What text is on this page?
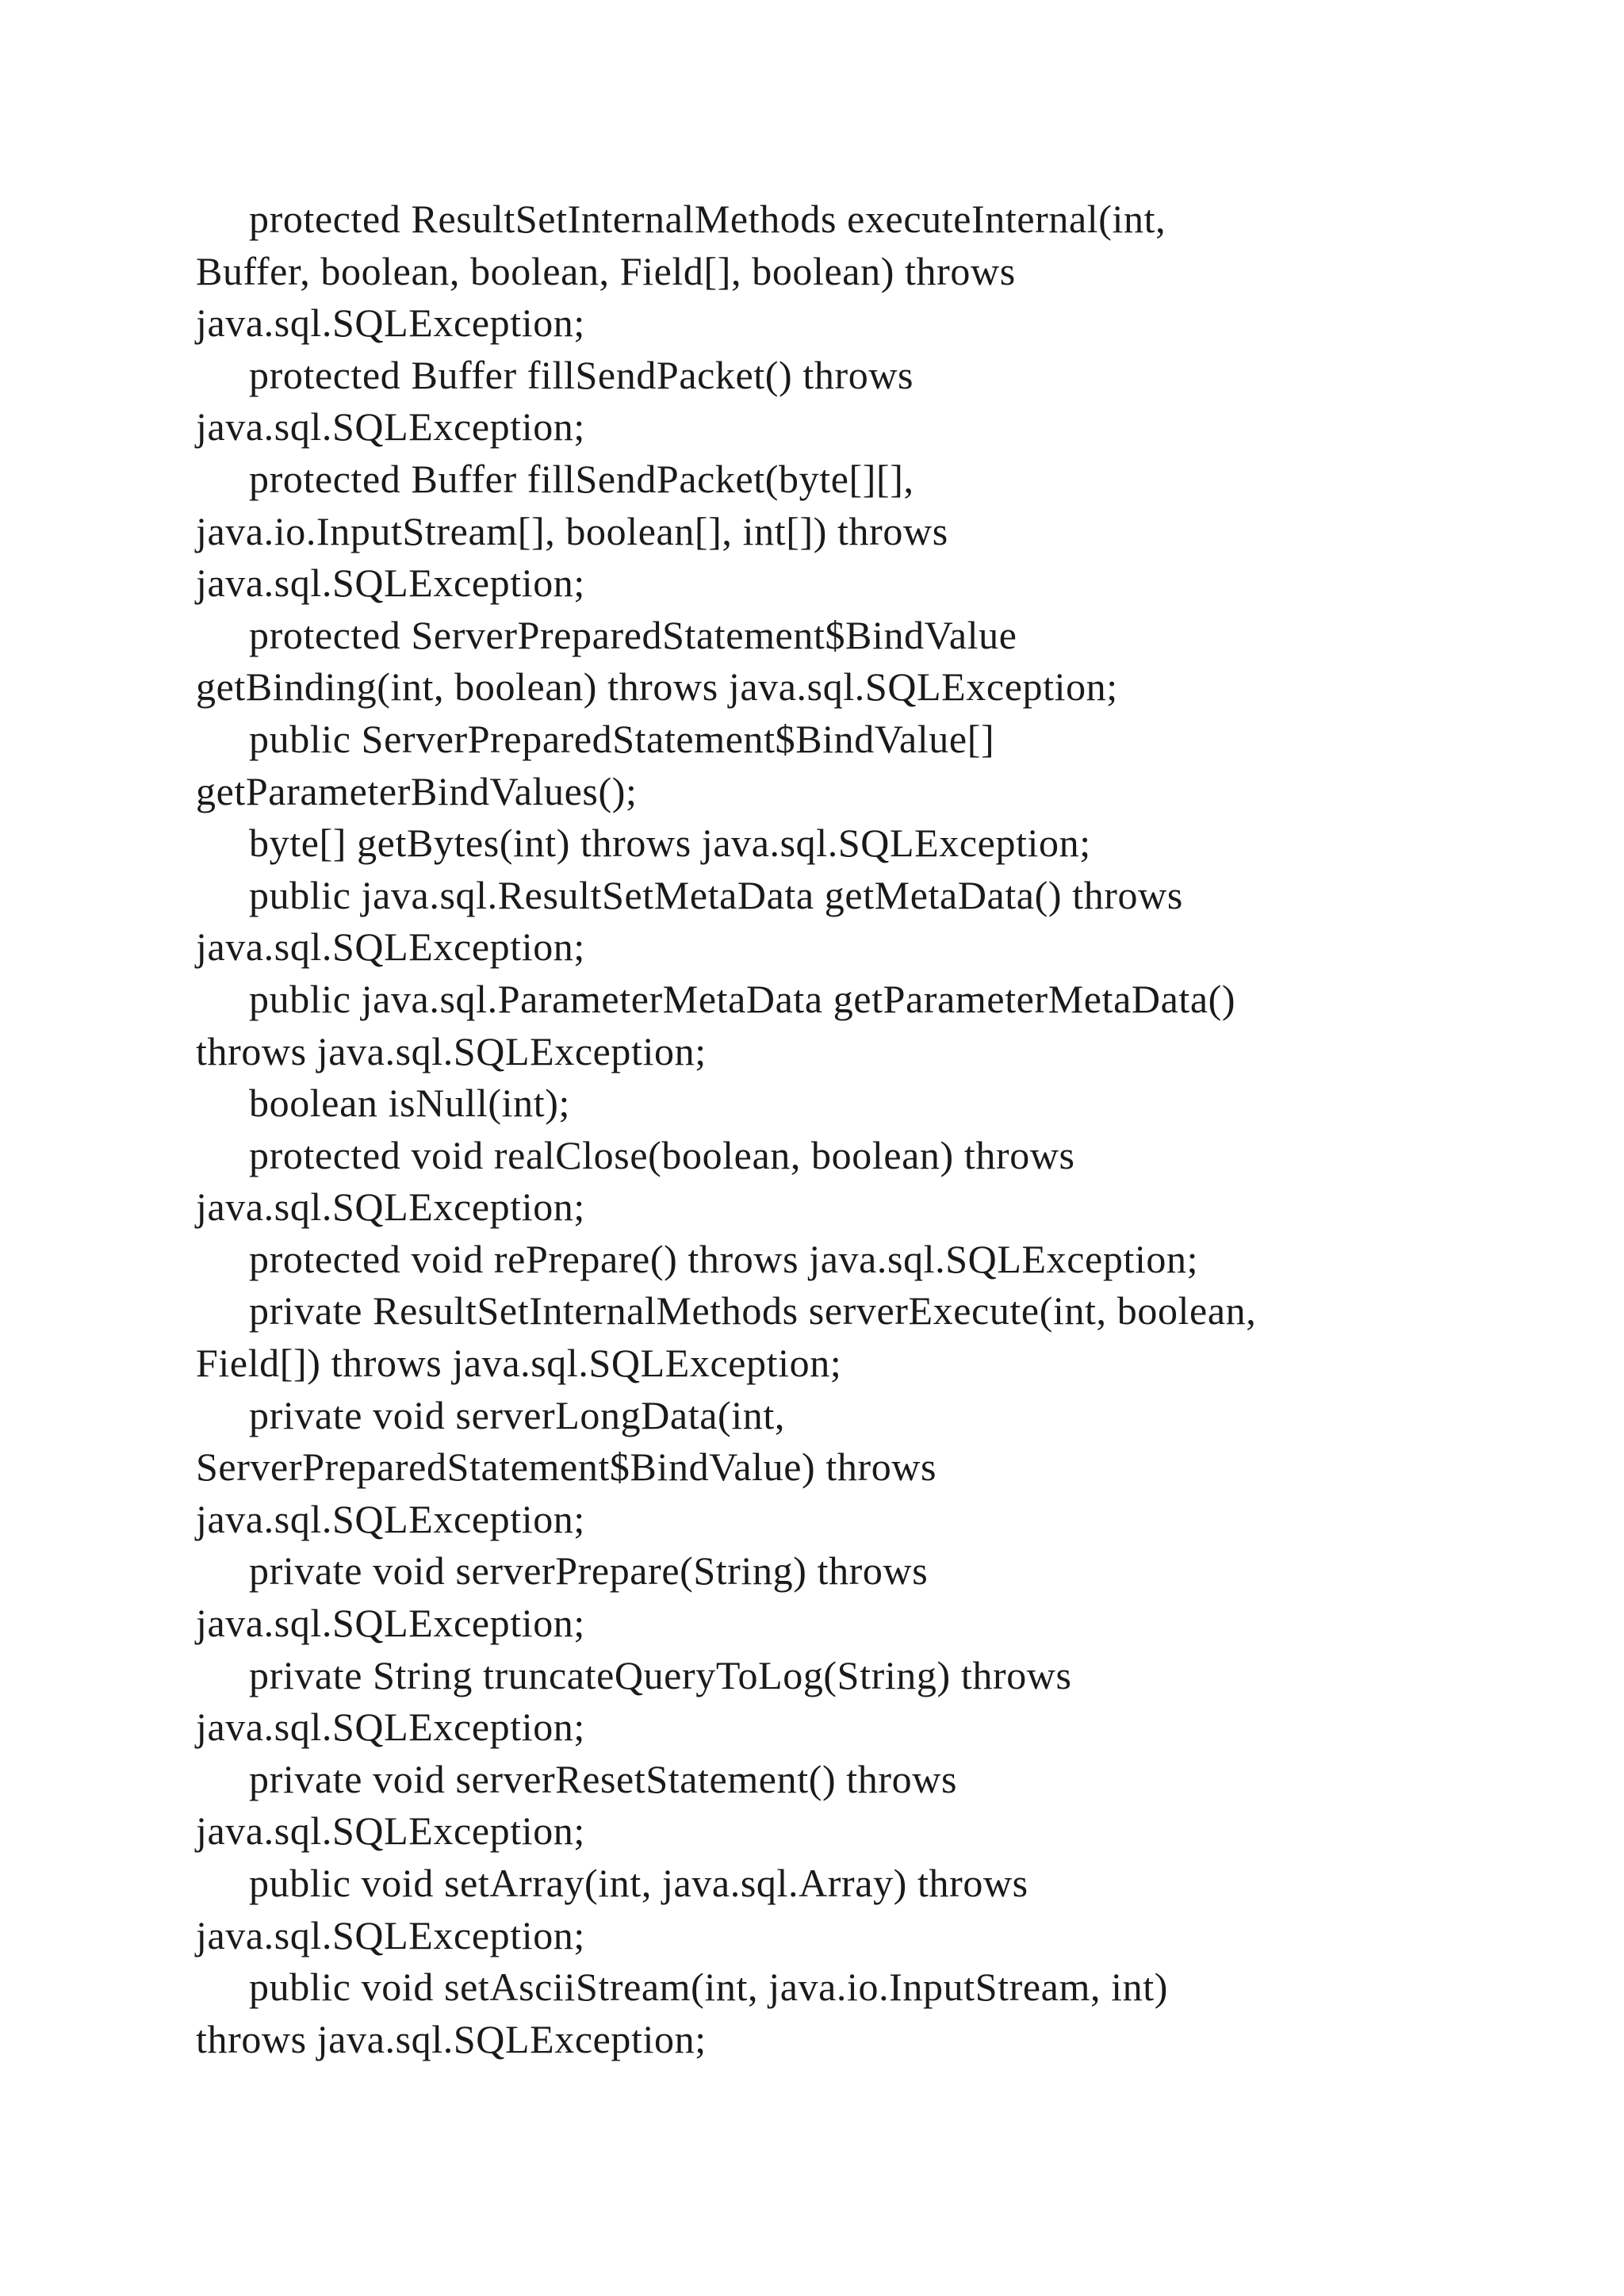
protected ResultSetInternalMethods executeInternal(int,
Buffer, boolean, boolean, Field[], boolean) throws
java.sql.SQLException;
protected Buffer fillSendPacket() throws
java.sql.SQLException;
protected Buffer fillSendPacket(byte[][],
java.io.InputStream[], boolean[], int[]) throws
java.sql.SQLException;
protected ServerPreparedStatement$BindValue
getBinding(int, boolean) throws java.sql.SQLException;
public ServerPreparedStatement$BindValue[]
getParameterBindValues();
byte[] getBytes(int) throws java.sql.SQLException;
public java.sql.ResultSetMetaData getMetaData() throws
java.sql.SQLException;
public java.sql.ParameterMetaData getParameterMetaData()
throws java.sql.SQLException;
boolean isNull(int);
protected void realClose(boolean, boolean) throws
java.sql.SQLException;
protected void rePrepare() throws java.sql.SQLException;
private ResultSetInternalMethods serverExecute(int, boolean,
Field[]) throws java.sql.SQLException;
private void serverLongData(int,
ServerPreparedStatement$BindValue) throws
java.sql.SQLException;
private void serverPrepare(String) throws
java.sql.SQLException;
private String truncateQueryToLog(String) throws
java.sql.SQLException;
private void serverResetStatement() throws
java.sql.SQLException;
public void setArray(int, java.sql.Array) throws
java.sql.SQLException;
public void setAsciiStream(int, java.io.InputStream, int)
throws java.sql.SQLException;
